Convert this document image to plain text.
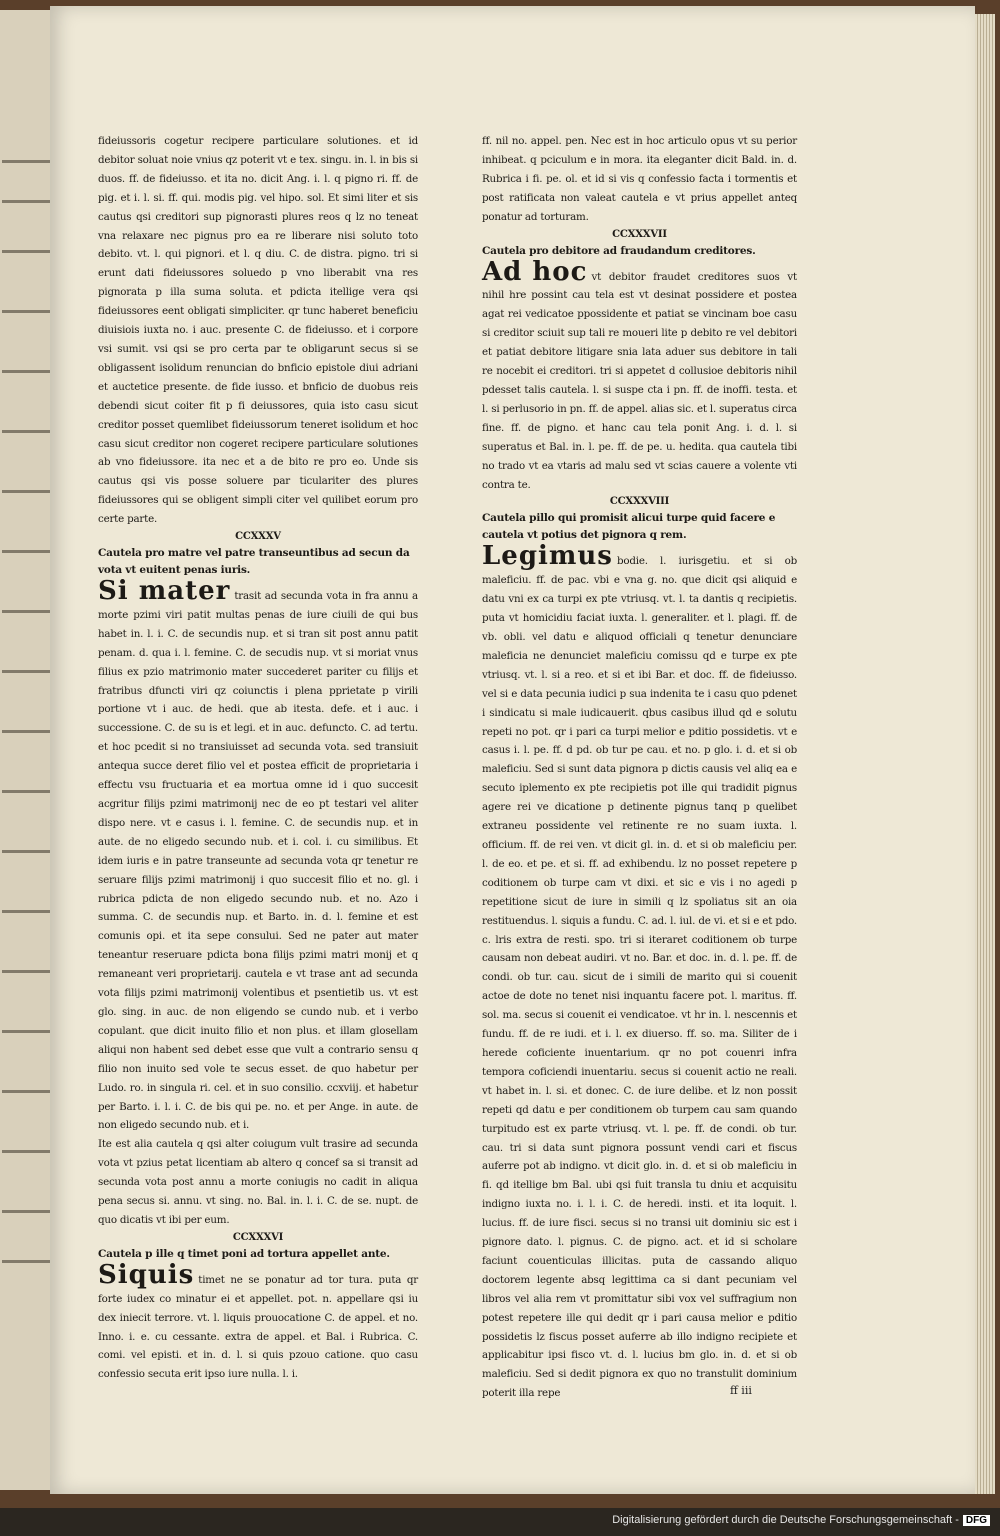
fideiussoris cogetur recipere particulare solutiones. et id debitor soluat noie vnius qz poterit vt e tex. singu. in. l. in bis si duos. ff. de fideiusso. et ita no. dicit Ang. i. l. q pigno ri. ff. de pig. et i. l. si. ff. qui. modis pig. vel hipo. sol. Et simi liter et sis cautus qsi creditori sup pignorasti plures reos q lz no teneat vna relaxare nec pignus pro ea re liberare nisi soluto toto debito. vt. l. qui pignori. et l. q diu. C. de distra. pigno. tri si erunt dati fideiussores soluedo p vno liberabit vna res pignorata p illa suma soluta. et pdicta itellige vera qsi fideiussores eent obligati simpliciter. qr tunc haberet beneficiu diuisiois iuxta no. i auc. presente C. de fideiusso. et i corpore vsi sumit. vsi qsi se pro certa par te obligarunt secus si se obligassent isolidum renuncian do bnficio epistole diui adriani et auctetice presente. de fide iusso. et bnficio de duobus reis debendi sicut coiter fit p fi deiussores, quia isto casu sicut creditor posset quemlibet fideiussorum teneret isolidum et hoc casu sicut creditor non cogeret recipere particulare solutiones ab vno fideiussore. ita nec et a de bito re pro eo. Unde sis cautus qsi vis posse soluere par ticulariter des plures fideiussores qui se obligent simpli citer vel quilibet eorum pro certe parte.

CCXXXV
Cautela pro matre vel patre transeuntibus ad secun da vota vt euitent penas iuris.

Si mater trasit ad secunda vota in fra annu a morte pzimi viri patit multas penas de iure ciuili de qui bus habet in. l. i. C. de secundis nup. et si tran sit post annu patit penam. d. qua i. l. femine. C. de secudis nup. vt si moriat vnus filius ex pzio matrimonio mater succederet pariter cu filijs et fratribus dfuncti viri qz coiunctis i plena pprietate p virili portione vt i auc. de hedi. que ab itesta. defe. et i auc. i successione. C. de su is et legi. et in auc. defuncto. C. ad tertu. et hoc pcedit si no transiuisset ad secunda vota. sed transiuit antequa succe deret filio vel et postea efficit de proprietaria i effectu vsu fructuaria et ea mortua omne id i quo succesit acgritur filijs pzimi matrimonij nec de eo pt testari vel aliter dispo nere. vt e casus i. l. femine. C. de secundis nup. et in aute. de no eligedo secundo nub. et i. col. i. cu similibus. Et idem iuris e in patre transeunte ad secunda vota qr tenetur re seruare filijs pzimi matrimonij i quo succesit filio et no. gl. i rubrica pdicta de non eligedo secundo nub. et no. Azo i summa. C. de secundis nup. et Barto. in. d. l. femine et est comunis opi. et ita sepe consului. Sed ne pater aut mater teneantur reseruare pdicta bona filijs pzimi matri monij et q remaneant veri proprietarij. cautela e vt trase ant ad secunda vota filijs pzimi matrimonij volentibus et psentietib us. vt est glo. sing. in auc. de non eligendo se cundo nub. et i verbo copulant. que dicit inuito filio et non plus. et illam glosellam aliqui non habent sed debet esse que vult a contrario sensu q filio non inuito sed vole te secus esset. de quo habetur per Ludo. ro. in singula ri. cel. et in suo consilio. ccxviij. et habetur per Barto. i. l. i. C. de bis qui pe. no. et per Ange. in aute. de non eligedo secundo nub. et i.

Ite est alia cautela q qsi alter coiugum vult trasire ad secunda vota vt pzius petat licentiam ab altero q concef sa si transit ad secunda vota post annu a morte coniugis no cadit in aliqua pena secus si. annu. vt sing. no. Bal. in. l. i. C. de se. nupt. de quo dicatis vt ibi per eum.

CCXXXVI
Cautela p ille q timet poni ad torturа appellet ante.

Siquis timet ne se ponatur ad tor turа. puta qr forte iudex co minatur ei et appellet. pot. n. appellare qsi iu dex iniecit terrore. vt. l. liquis prouocatione C. de appel. et no. Inno. i. e. cu cessante. extra de appel. et Bal. i Rubrica. C. comi. vel episti. et in. d. l. si quis pzouo catione. quo casu confessio secuta erit ipso iure nulla. l. i.

ff. nil no. appel. pen. Nec est in hoc articulo opus vt su perior inhibeat. q pciculum e in mora. ita eleganter dicit Bald. in. d. Rubrica i fi. pe. ol. et id si vis q confessio facta i tormentis et post ratificata non valeat cautela e vt prius appellet anteq ponatur ad torturam.

CCXXXVII
Cautela pro debitore ad fraudandum creditores.

Ad hoc vt debitor fraudet creditores suos vt nihil hre possint cau tela est vt desinat possidere et postea agat rei vedicatoe ppossidente et patiat se vincinam boe casu si creditor sciuit sup tali re moueri lite p debito re vel debitori et patiat debitore litigare snia lata aduer sus debitore in tali re nocebit ei creditori. tri si appetet d collusioe debitoris nihil pdesset talis cautela. l. si suspe cta i pn. ff. de inoffi. testa. et l. si perlusorio in pn. ff. de appel. alias sic. et l. superatus circa fine. ff. de pigno. et hanc cau tela ponit Ang. i. d. l. si superatus et Bal. in. l. pe. ff. de pe. u. hedita. qua cautela tibi no trado vt ea vtaris ad malu sed vt scias cauere a volente vti contra te.

CCXXXVIII
Cautela pillo qui promisit alicui turpe quid facere e cautela vt potius det pignora q rem.

Legimus bodie. l. iurisgetiu. et si ob maleficiu. ff. de pac. vbi e vna g. no. que dicit qsi aliquid e datu vni ex ca turpi ex pte vtriusq. vt. l. ta dantis q recipietis. puta vt homicidiu faciat iuxta. l. generaliter. et l. plagi. ff. de vb. obli. vel datu e aliquod officiali q tenetur denunciare maleficia ne denunciet maleficiu comissu qd e turpe ex pte vtriusq. vt. l. si a reo. et si et ibi Bar. et doc. ff. de fideiusso. vel si e data pecunia iudici p sua indenita te i casu quo pdenet i sindicatu si male iudicauerit. qbus casibus illud qd e solutu repeti no pot. qr i pari ca turpi melior e pditio possidetis. vt e casus i. l. pe. ff. d pd. ob tur pe cau. et no. p glo. i. d. et si ob maleficiu. Sed si sunt data pignora p dictis causis vel aliq ea e secuto iplemento ex pte recipietis pot ille qui tradidit pignus agere rei ve dicatione p detinente pignus tanq p quelibet extraneu possidente vel retinente re no suam iuxta. l. officium. ff. de rei ven. vt dicit gl. in. d. et si ob maleficiu per. l. de eo. et pe. et si. ff. ad exhibendu. lz no posset repetere p coditionem ob turpe cam vt dixi. et sic e vis i no agedi p repetitione sicut de iure in simili q lz spoliatus sit an oia restituendus. l. siquis a fundu. C. ad. l. iul. de vi. et si e et pdo. c. lris extra de resti. spo. tri si iteraret coditionem ob turpe causam non debeat audiri. vt no. Bar. et doc. in. d. l. pe. ff. de condi. ob tur. cau. sicut de i simili de marito qui si couenit actoe de dote no tenet nisi inquantu facere pot. l. maritus. ff. sol. ma. secus si couenit ei vendicatoe. vt hr in. l. nescennis et fundu. ff. de re iudi. et i. l. ex diuerso. ff. so. ma. Siliter de i herede coficiente inuentarium. qr no pot couenri infra tempora coficiendi inuentariu. secus si couenit actio ne reali. vt habet in. l. si. et donec. C. de iure delibe. et lz non possit repeti qd datu e per conditionem ob turpem cau sam quando turpitudo est ex parte vtriusq. vt. l. pe. ff. de condi. ob tur. cau. tri si data sunt pignora possunt vendi cari et fiscus auferre pot ab indigno. vt dicit glo. in. d. et si ob maleficiu in fi. qd itellige bm Bal. ubi qsi fuit transla tu dniu et acquisitu indigno iuxta no. i. l. i. C. de heredi. insti. et ita loquit. l. lucius. ff. de iure fisci. secus si no transi uit dominiu sic est i pignore dato. l. pignus. C. de pigno. act. et id si scholare faciunt couenticulas illicitas. puta de cassando aliquo doctorem legente absq legittima ca si dant pecuniam vel libros vel alia rem vt promittatur sibi vox vel suffragium non potest repetere ille qui dedit qr i pari causa melior e pditio possidetis lz fiscus posset auferre ab illo indigno recipiete et applicabitur ipsi fisco vt. d. l. lucius bm glo. in. d. et si ob maleficiu. Sed si dedit pignora ex quo no transtulit dominium poterit illa repe	ff iii
Digitalisierung gefördert durch die Deutsche Forschungsgemeinschaft - DFG
